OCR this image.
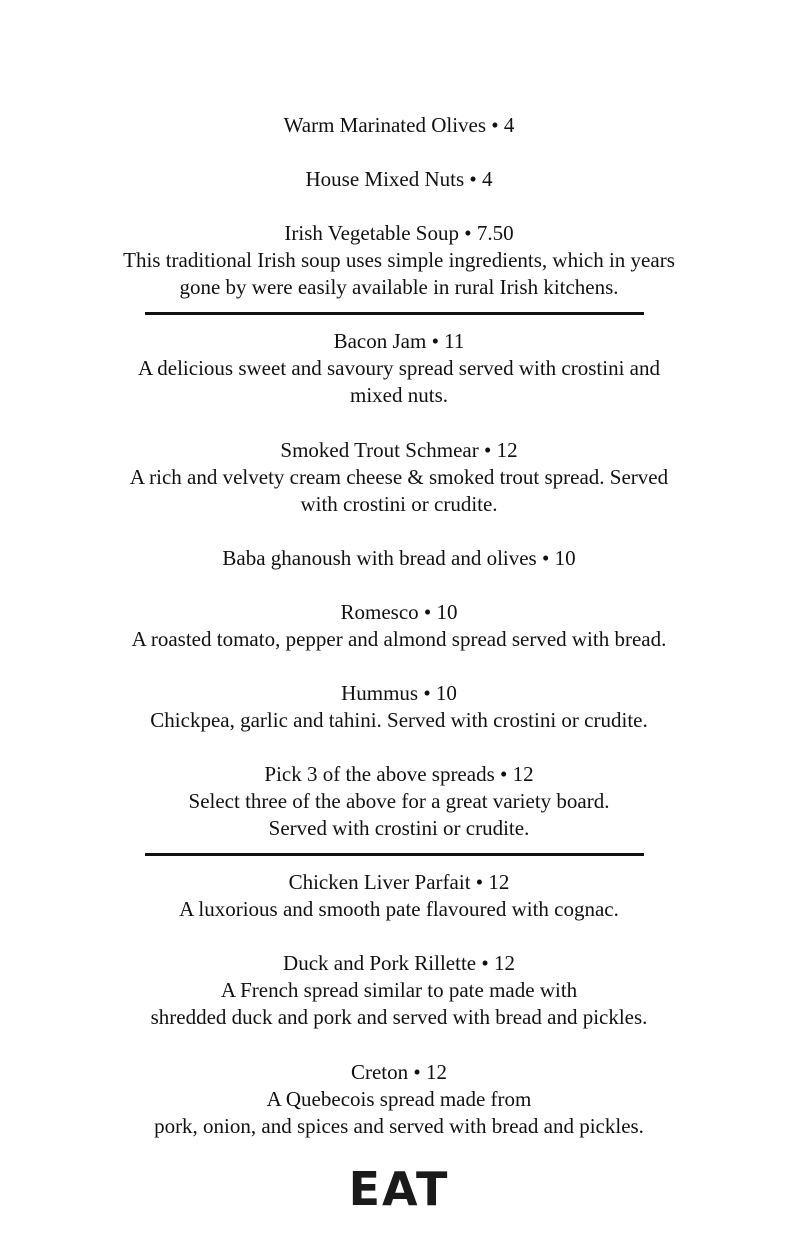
Warm Marinated Olives • 4
House Mixed Nuts • 4
Irish Vegetable Soup • 7.50
This traditional Irish soup uses simple ingredients, which in years
gone by were easily available in rural Irish kitchens.
Bacon Jam • 11
A delicious sweet and savoury spread served with crostini and
mixed nuts.
Smoked Trout Schmear • 12
A rich and velvety cream cheese & smoked trout spread. Served
with crostini or crudite.
Baba ghanoush with bread and olives • 10
Romesco • 10
A roasted tomato, pepper and almond spread served with bread.
Hummus • 10
Chickpea, garlic and tahini. Served with crostini or crudite.
Pick 3 of the above spreads • 12
Select three of the above for a great variety board.
Served with crostini or crudite.
Chicken Liver Parfait • 12
A luxorious and smooth pate flavoured with cognac.
Duck and Pork Rillette • 12
A French spread similar to pate made with
shredded duck and pork and served with bread and pickles.
Creton • 12
A Quebecois spread made from
pork, onion, and spices and served with bread and pickles.
EAT
